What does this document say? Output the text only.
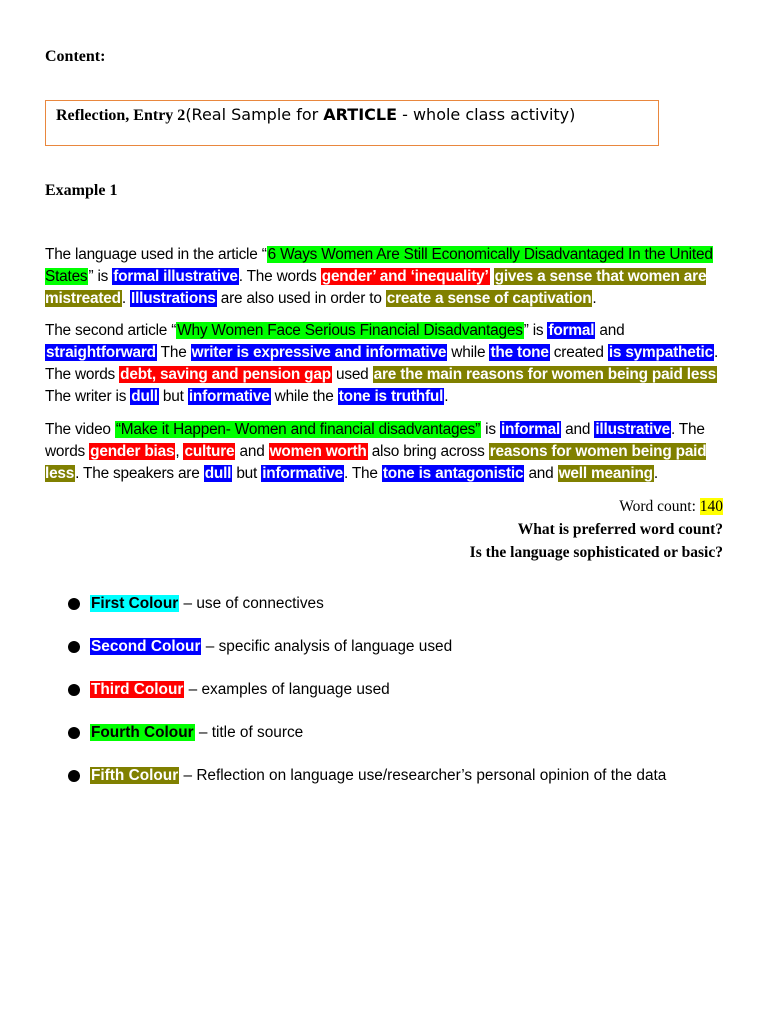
Content:
Reflection, Entry 2(Real Sample for ARTICLE - whole class activity)
Example 1
The language used in the article “6 Ways Women Are Still Economically Disadvantaged In the United States” is formal illustrative. The words gender’ and ‘inequality’ gives a sense that women are mistreated. Illustrations are also used in order to create a sense of captivation.
The second article “Why Women Face Serious Financial Disadvantages” is formal and straightforward The writer is expressive and informative while the tone created is sympathetic. The words debt, saving and pension gap used are the main reasons for women being paid less The writer is dull but informative while the tone is truthful.
The video “Make it Happen- Women and financial disadvantages” is informal and illustrative. The words gender bias, culture and women worth also bring across reasons for women being paid less. The speakers are dull but informative. The tone is antagonistic and well meaning.
Word count: 140
What is preferred word count?
Is the language sophisticated or basic?
First Colour – use of connectives
Second Colour – specific analysis of language used
Third Colour – examples of language used
Fourth Colour – title of source
Fifth Colour – Reflection on language use/researcher’s personal opinion of the data
